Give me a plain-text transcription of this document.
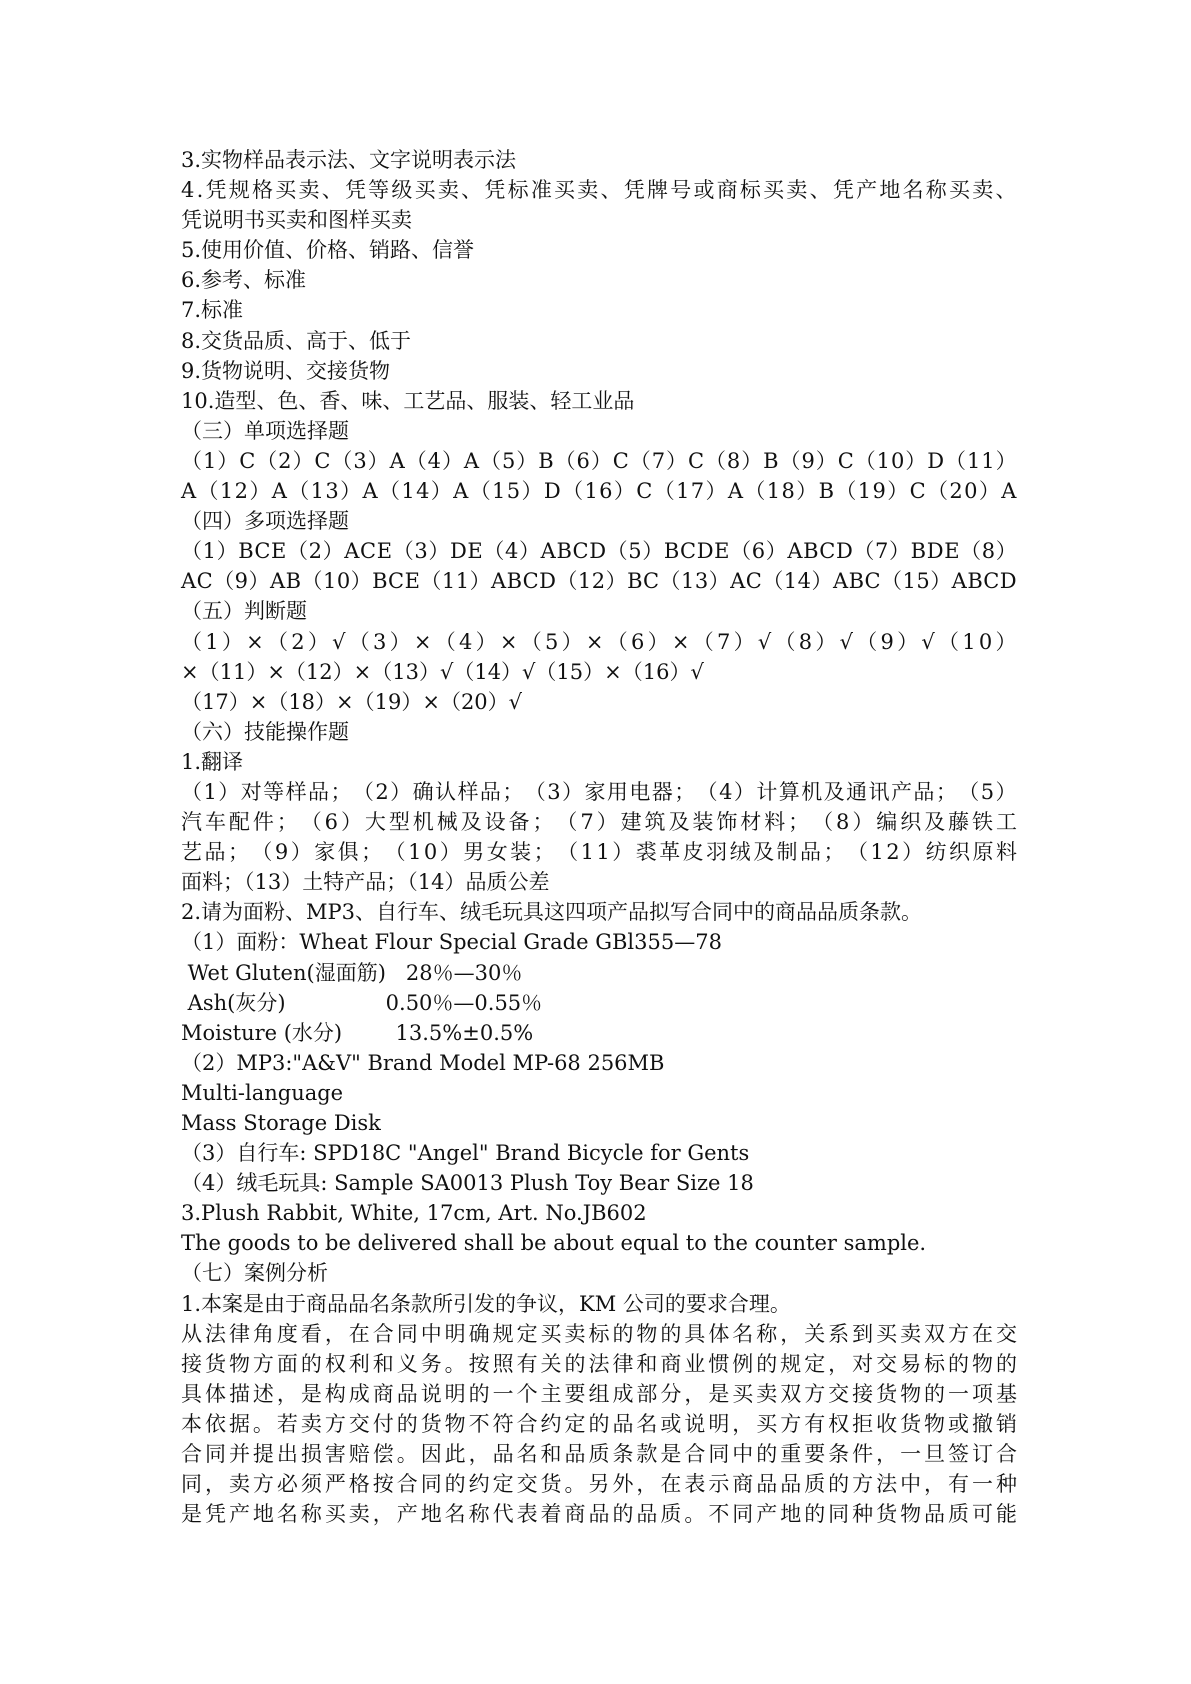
3.实物样品表示法、文字说明表示法
4 . 凭 规 格 买 卖 、 凭 等 级 买 卖 、 凭 标 准 买 卖 、 凭 牌 号 或 商 标 买 卖 、 凭 产 地 名 称 买 卖 、
凭说明书买卖和图样买卖
5.使用价值、价格、销路、信誉
6.参考、标准
7.标准
8.交货品质、高于、低于
9.货物说明、交接货物
10.造型、色、香、味、工艺品、服装、轻工业品
（三）单项选择题
（ 1 ） C （ 2 ） C （ 3 ） A （ 4 ） A （ 5 ） B （ 6 ） C （ 7 ） C （ 8 ） B （ 9 ） C （ 1 0 ） D （ 1 1 ）
A （ 1 2 ） A （ 1 3 ） A （ 1 4 ） A （ 1 5 ） D （ 1 6 ） C （ 1 7 ） A （ 1 8 ） B （ 1 9 ） C （ 2 0 ） A
（四）多项选择题
（ 1 ） B C E （ 2 ） A C E （ 3 ） D E （ 4 ） A B C D （ 5 ） B C D E （ 6 ） A B C D （ 7 ） B D E （ 8 ）
A C （ 9 ） A B （ 1 0 ） B C E （ 1 1 ） A B C D （ 1 2 ） B C （ 1 3 ） A C （ 1 4 ） A B C （ 1 5 ） A B C D
（五）判断题
（ 1 ） × （ 2 ） √ （ 3 ） × （ 4 ） × （ 5 ） × （ 6 ） × （ 7 ） √ （ 8 ） √ （ 9 ） √ （ 1 0 ）
×（11）×（12）×（13）√（14）√（15）×（16）√
（17）×（18）×（19）×（20）√
（六）技能操作题
1.翻译
（ 1 ） 对 等 样 品 ； （ 2 ） 确 认 样 品 ； （ 3 ） 家 用 电 器 ； （ 4 ） 计 算 机 及 通 讯 产 品 ； （ 5 ）
汽 车 配 件 ； （ 6 ） 大 型 机 械 及 设 备 ； （ 7 ） 建 筑 及 装 饰 材 料 ； （ 8 ） 编 织 及 藤 铁 工
艺 品 ； （ 9 ） 家 俱 ； （ 1 0 ） 男 女 装 ； （ 1 1 ） 裘 革 皮 羽 绒 及 制 品 ； （ 1 2 ） 纺 织 原 料
面料；（13）土特产品；（14）品质公差
2.请为面粉、MP3、自行车、绒毛玩具这四项产品拟写合同中的商品品质条款。
（1）面粉：Wheat Flour Special Grade GBl355—78
Wet Gluten(湿面筋)   28％—30％
Ash(灰分)               0.50％—0.55％
Moisture (水分)        13.5%±0.5%
（2）MP3:"A&V" Brand Model MP-68 256MB
Multi-language
Mass Storage Disk
（3）自行车: SPD18C "Angel" Brand Bicycle for Gents
（4）绒毛玩具: Sample SA0013 Plush Toy Bear Size 18
3.Plush Rabbit, White, 17cm, Art. No.JB602
The goods to be delivered shall be about equal to the counter sample.
（七）案例分析
1.本案是由于商品品名条款所引发的争议，KM 公司的要求合理。
从 法 律 角 度 看 ， 在 合 同 中 明 确 规 定 买 卖 标 的 物 的 具 体 名 称 ， 关 系 到 买 卖 双 方 在 交
接 货 物 方 面 的 权 利 和 义 务 。 按 照 有 关 的 法 律 和 商 业 惯 例 的 规 定 ， 对 交 易 标 的 物 的
具 体 描 述 ， 是 构 成 商 品 说 明 的 一 个 主 要 组 成 部 分 ， 是 买 卖 双 方 交 接 货 物 的 一 项 基
本 依 据 。 若 卖 方 交 付 的 货 物 不 符 合 约 定 的 品 名 或 说 明 ， 买 方 有 权 拒 收 货 物 或 撤 销
合 同 并 提 出 损 害 赔 偿 。 因 此 ， 品 名 和 品 质 条 款 是 合 同 中 的 重 要 条 件 ， 一 旦 签 订 合
同 ， 卖 方 必 须 严 格 按 合 同 的 约 定 交 货 。 另 外 ， 在 表 示 商 品 品 质 的 方 法 中 ， 有 一 种
是 凭 产 地 名 称 买 卖 ， 产 地 名 称 代 表 着 商 品 的 品 质 。 不 同 产 地 的 同 种 货 物 品 质 可 能
